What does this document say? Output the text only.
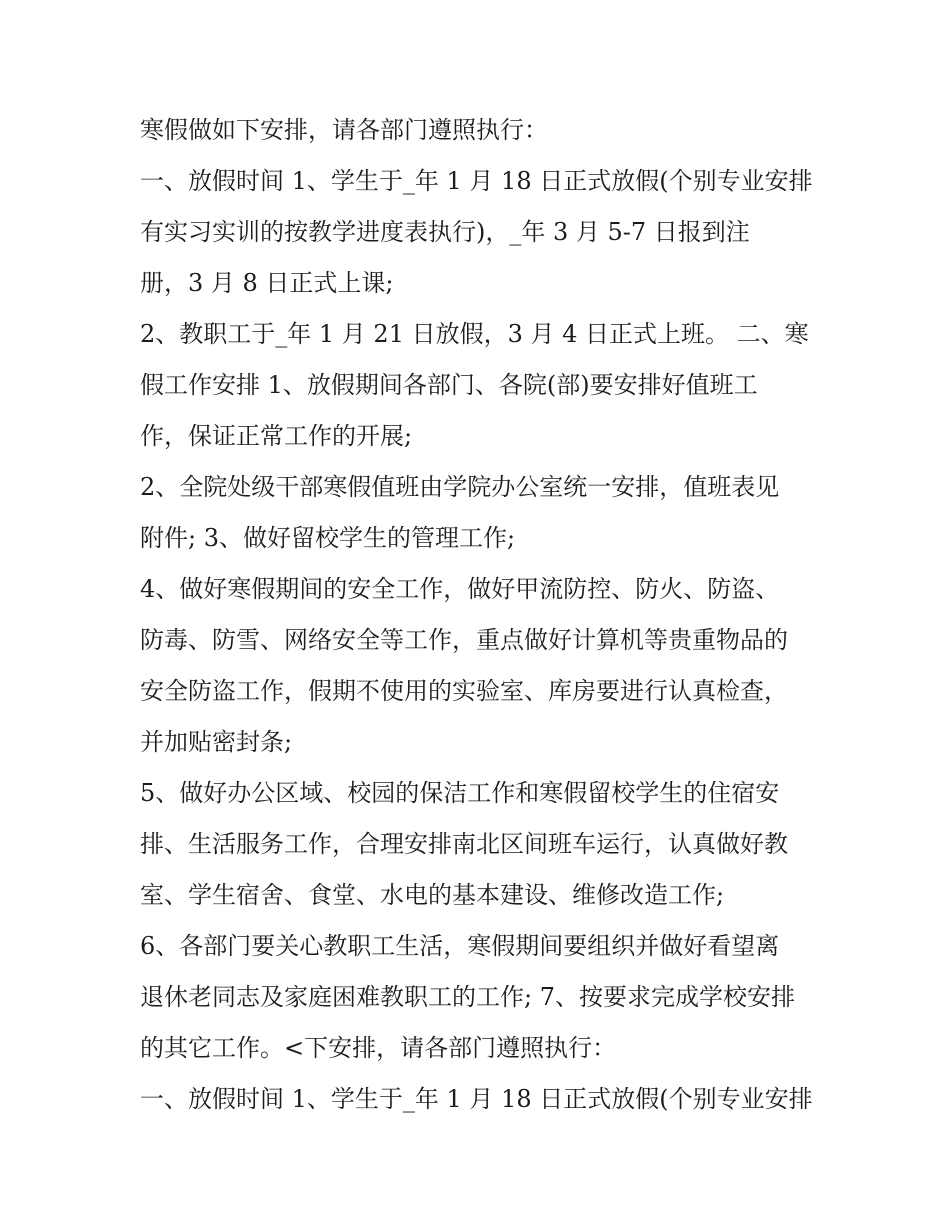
寒假做如下安排，请各部门遵照执行：
一、放假时间 1、学生于_年 1 月 18 日正式放假(个别专业安排
有实习实训的按教学进度表执行)，_年 3 月 5-7 日报到注
册，3 月 8 日正式上课;
2、教职工于_年 1 月 21 日放假，3 月 4 日正式上班。 二、寒
假工作安排 1、放假期间各部门、各院(部)要安排好值班工
作，保证正常工作的开展;
2、全院处级干部寒假值班由学院办公室统一安排，值班表见
附件; 3、做好留校学生的管理工作;
4、做好寒假期间的安全工作，做好甲流防控、防火、防盗、
防毒、防雪、网络安全等工作，重点做好计算机等贵重物品的
安全防盗工作，假期不使用的实验室、库房要进行认真检查，
并加贴密封条;
5、做好办公区域、校园的保洁工作和寒假留校学生的住宿安
排、生活服务工作，合理安排南北区间班车运行，认真做好教
室、学生宿舍、食堂、水电的基本建设、维修改造工作;
6、各部门要关心教职工生活，寒假期间要组织并做好看望离
退休老同志及家庭困难教职工的工作; 7、按要求完成学校安排
的其它工作。<下安排，请各部门遵照执行：
一、放假时间 1、学生于_年 1 月 18 日正式放假(个别专业安排
